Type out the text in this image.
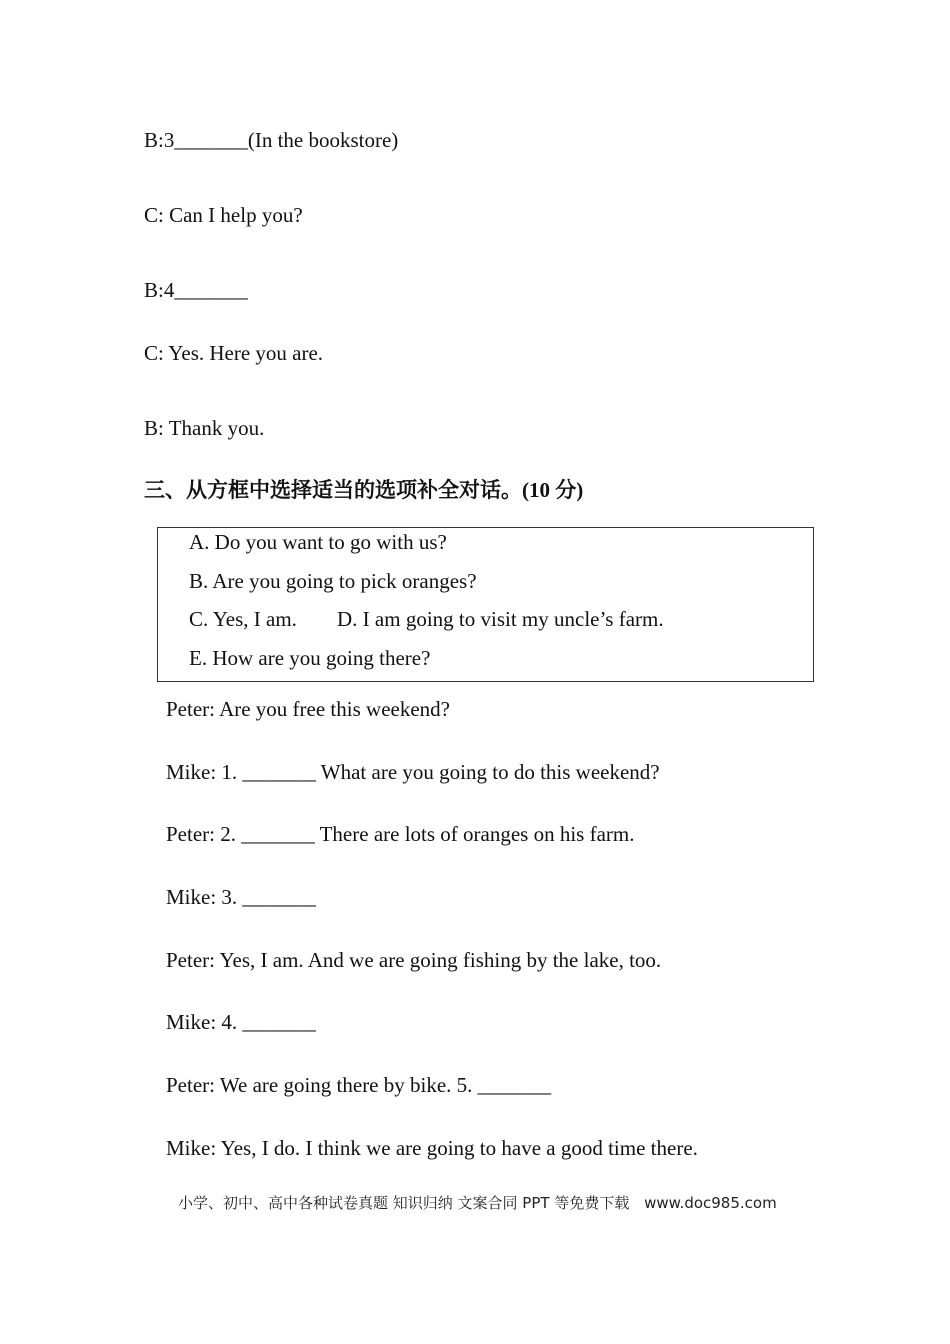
B:3_______(In the bookstore)
C: Can I help you?
B:4_______
C: Yes. Here you are.
B: Thank you.
三、从方框中选择适当的选项补全对话。(10 分)
A. Do you want to go with us?
B. Are you going to pick oranges?
C. Yes, I am. D. I am going to visit my uncle’s farm.
E. How are you going there?
Peter: Are you free this weekend?
Mike: 1. _______ What are you going to do this weekend?
Peter: 2. _______ There are lots of oranges on his farm.
Mike: 3. _______
Peter: Yes, I am. And we are going fishing by the lake, too.
Mike: 4. _______
Peter: We are going there by bike. 5. _______
Mike: Yes, I do. I think we are going to have a good time there.
小学、初中、高中各种试卷真题 知识归纳 文案合同 PPT 等免费下载 www.doc985.com
